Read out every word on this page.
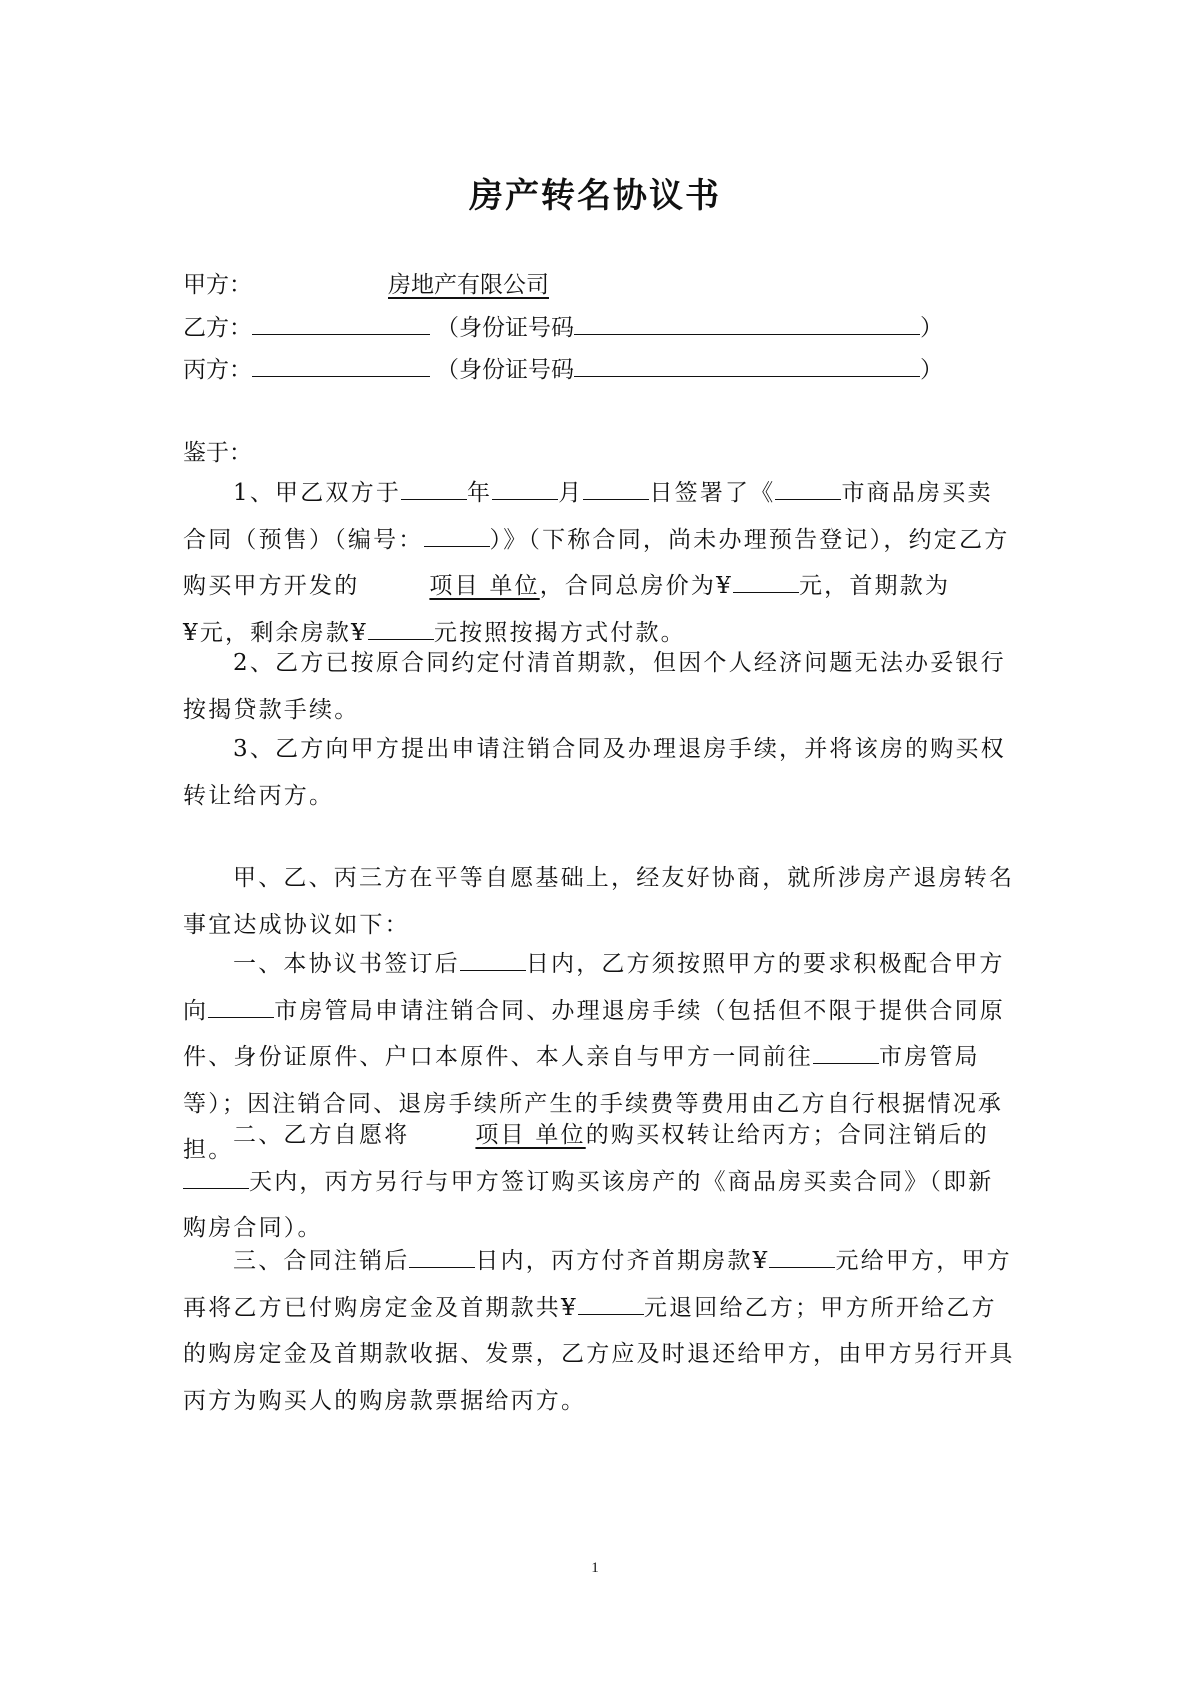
房产转名协议书
甲方：	房地产有限公司
乙方：	（身份证号码	）
丙方：	（身份证号码	）
鉴于：
1、甲乙双方于	年	月	日签署了《	市商品房买卖合同（预售）（编号：	）》（下称合同，尚未办理预告登记），约定乙方购买甲方开发的	项目 单位，合同总房价为¥	元，首期款为¥元，剩余房款¥	元按照按揭方式付款。
2、乙方已按原合同约定付清首期款，但因个人经济问题无法办妥银行按揭贷款手续。
3、乙方向甲方提出申请注销合同及办理退房手续，并将该房的购买权转让给丙方。
甲、乙、丙三方在平等自愿基础上，经友好协商，就所涉房产退房转名事宜达成协议如下：
一、本协议书签订后	日内，乙方须按照甲方的要求积极配合甲方向	市房管局申请注销合同、办理退房手续（包括但不限于提供合同原件、身份证原件、户口本原件、本人亲自与甲方一同前往	市房管局等）；因注销合同、退房手续所产生的手续费等费用由乙方自行根据情况承担。
二、乙方自愿将	项目 单位的购买权转让给丙方；合同注销后的天内，丙方另行与甲方签订购买该房产的《商品房买卖合同》（即新购房合同）。
三、合同注销后	日内，丙方付齐首期房款¥	元给甲方，甲方再将乙方已付购房定金及首期款共¥	元退回给乙方；甲方所开给乙方的购房定金及首期款收据、发票，乙方应及时退还给甲方，由甲方另行开具丙方为购买人的购房款票据给丙方。
1
